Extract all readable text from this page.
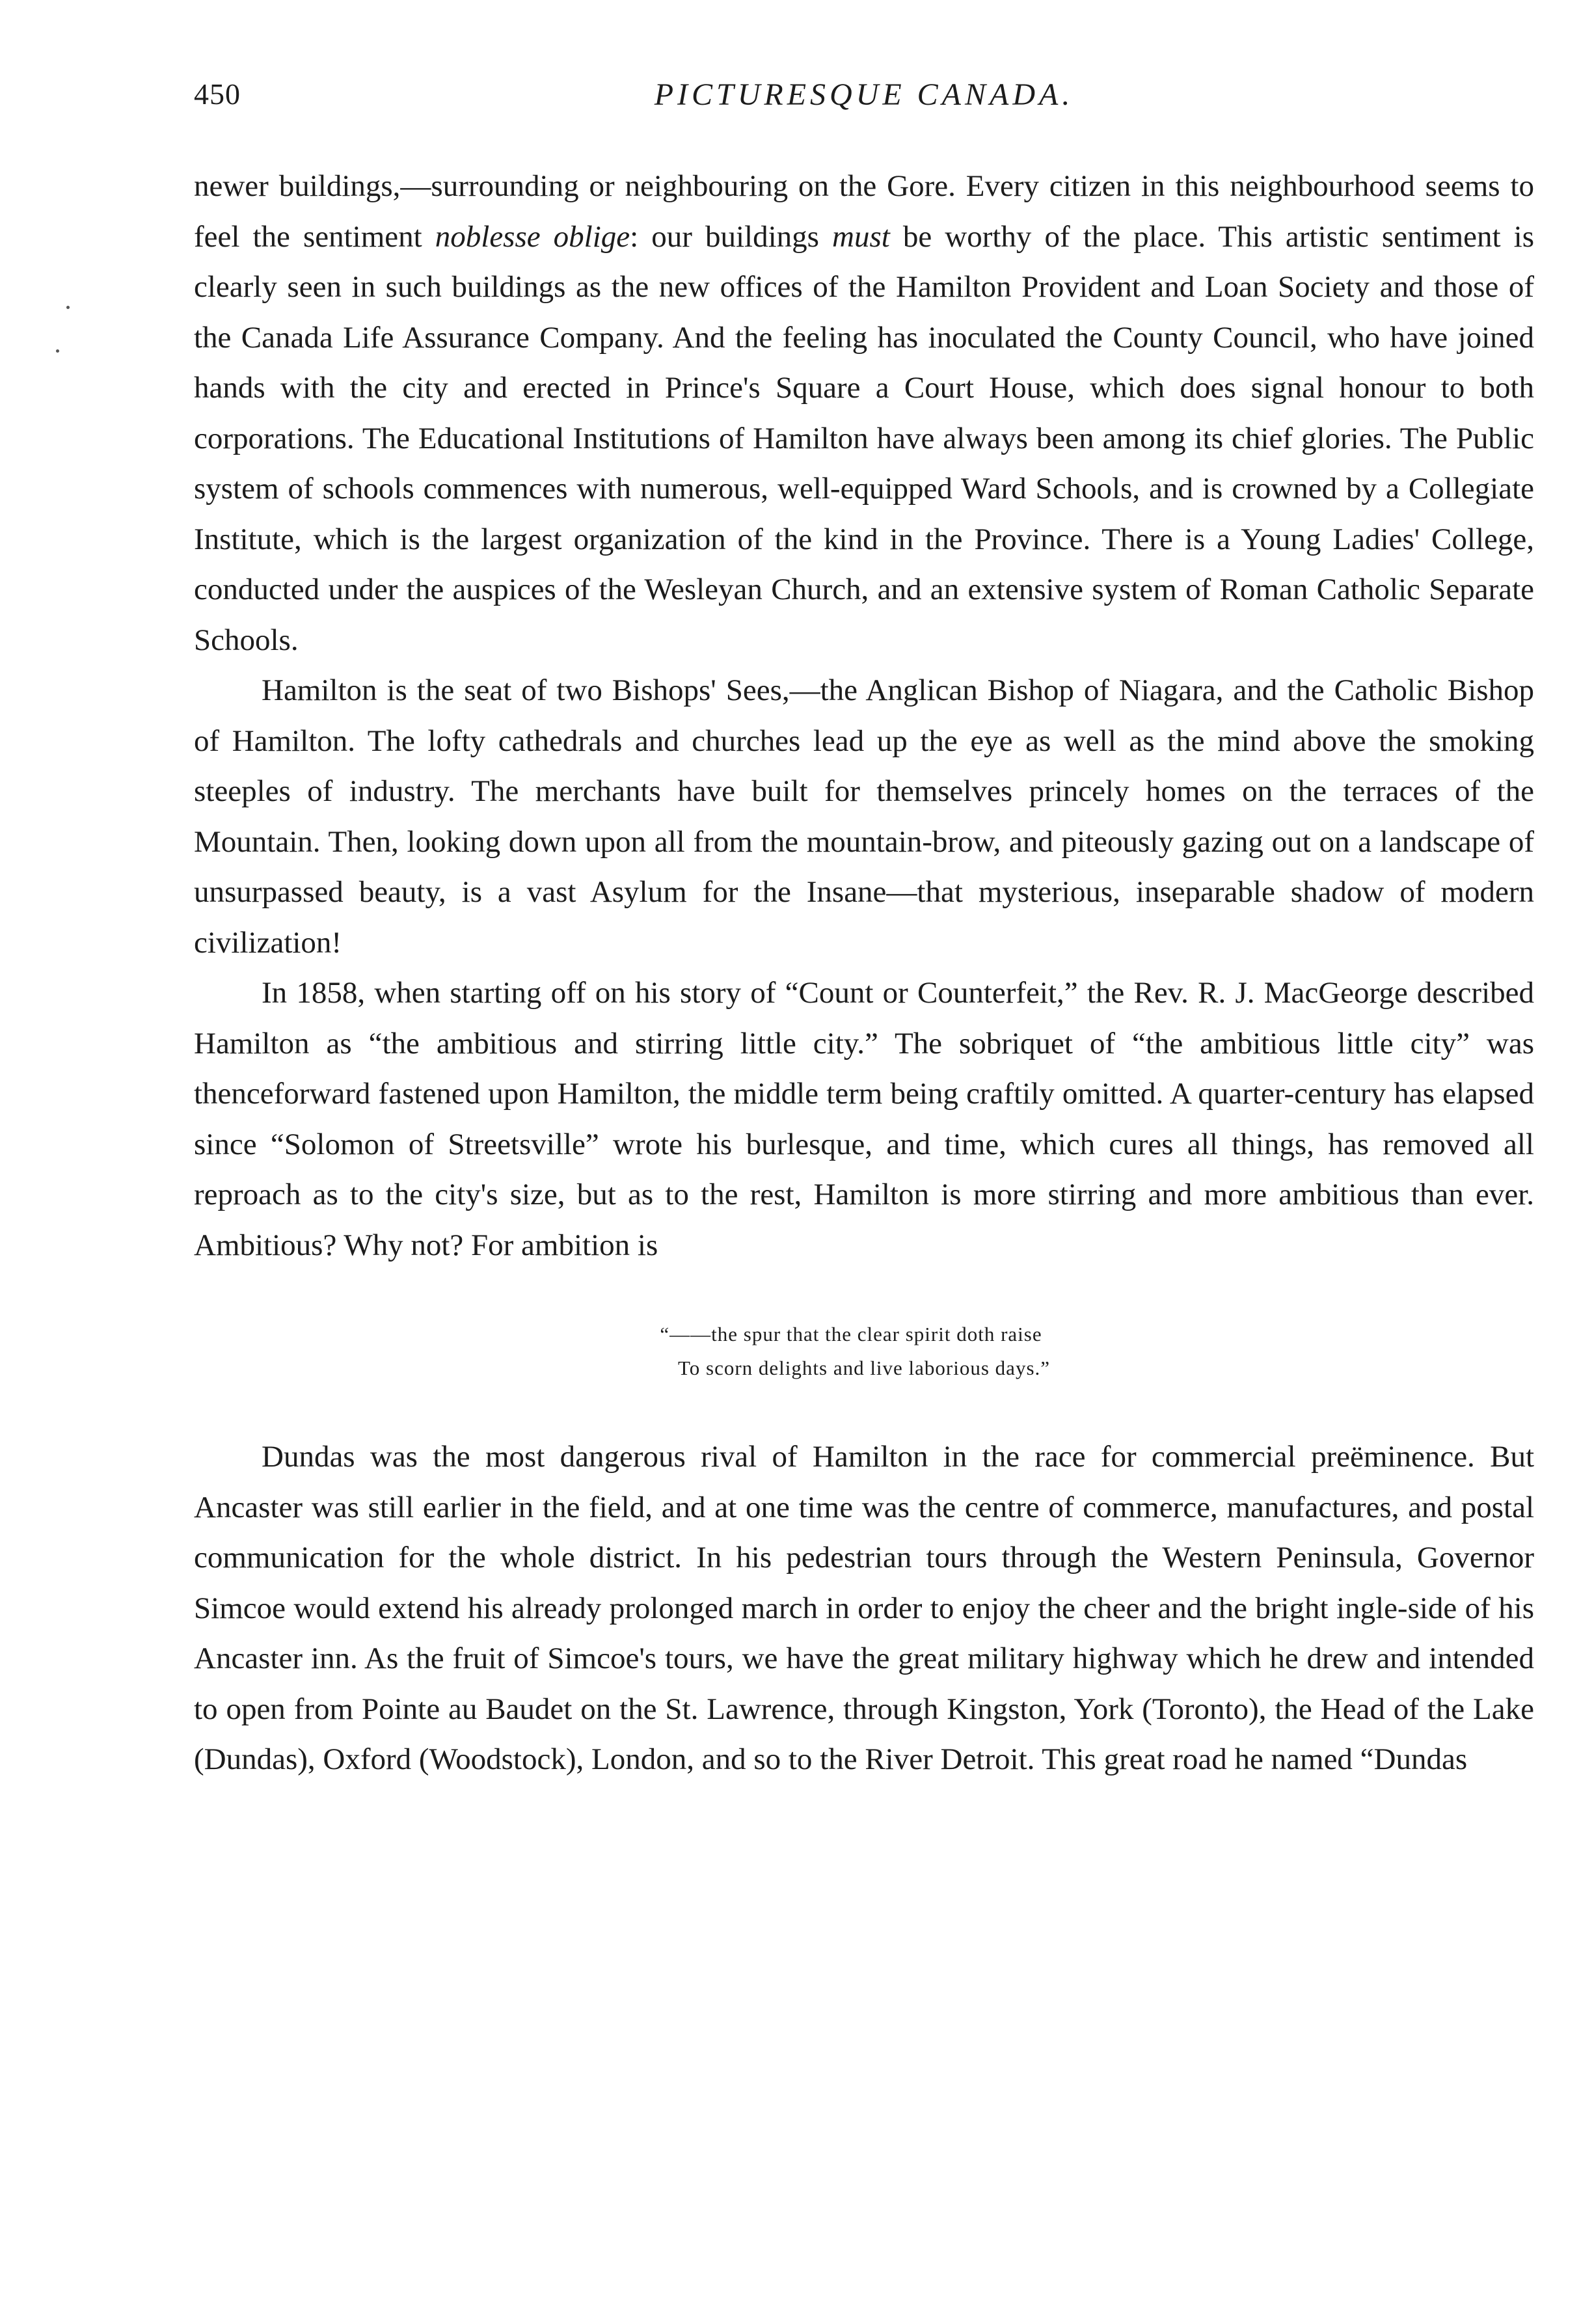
450	PICTURESQUE CANADA.

newer buildings,—surrounding or neighbouring on the Gore. Every citizen in this neighbourhood seems to feel the sentiment noblesse oblige: our buildings must be worthy of the place. This artistic sentiment is clearly seen in such buildings as the new offices of the Hamilton Provident and Loan Society and those of the Canada Life Assurance Company. And the feeling has inoculated the County Council, who have joined hands with the city and erected in Prince's Square a Court House, which does signal honour to both corporations. The Educational Institutions of Hamilton have always been among its chief glories. The Public system of schools commences with numerous, well-equipped Ward Schools, and is crowned by a Collegiate Institute, which is the largest organization of the kind in the Province. There is a Young Ladies' College, conducted under the auspices of the Wesleyan Church, and an extensive system of Roman Catholic Separate Schools.

Hamilton is the seat of two Bishops' Sees,—the Anglican Bishop of Niagara, and the Catholic Bishop of Hamilton. The lofty cathedrals and churches lead up the eye as well as the mind above the smoking steeples of industry. The merchants have built for themselves princely homes on the terraces of the Mountain. Then, looking down upon all from the mountain-brow, and piteously gazing out on a landscape of unsurpassed beauty, is a vast Asylum for the Insane—that mysterious, inseparable shadow of modern civilization!

In 1858, when starting off on his story of “Count or Counterfeit,” the Rev. R. J. MacGeorge described Hamilton as “the ambitious and stirring little city.” The sobriquet of “the ambitious little city” was thenceforward fastened upon Hamilton, the middle term being craftily omitted. A quarter-century has elapsed since “Solomon of Streetsville” wrote his burlesque, and time, which cures all things, has removed all reproach as to the city's size, but as to the rest, Hamilton is more stirring and more ambitious than ever. Ambitious? Why not? For ambition is

“——the spur that the clear spirit doth raise
To scorn delights and live laborious days.”

Dundas was the most dangerous rival of Hamilton in the race for commercial preëminence. But Ancaster was still earlier in the field, and at one time was the centre of commerce, manufactures, and postal communication for the whole district. In his pedestrian tours through the Western Peninsula, Governor Simcoe would extend his already prolonged march in order to enjoy the cheer and the bright ingle-side of his Ancaster inn. As the fruit of Simcoe's tours, we have the great military highway which he drew and intended to open from Pointe au Baudet on the St. Lawrence, through Kingston, York (Toronto), the Head of the Lake (Dundas), Oxford (Woodstock), London, and so to the River Detroit. This great road he named “Dundas
